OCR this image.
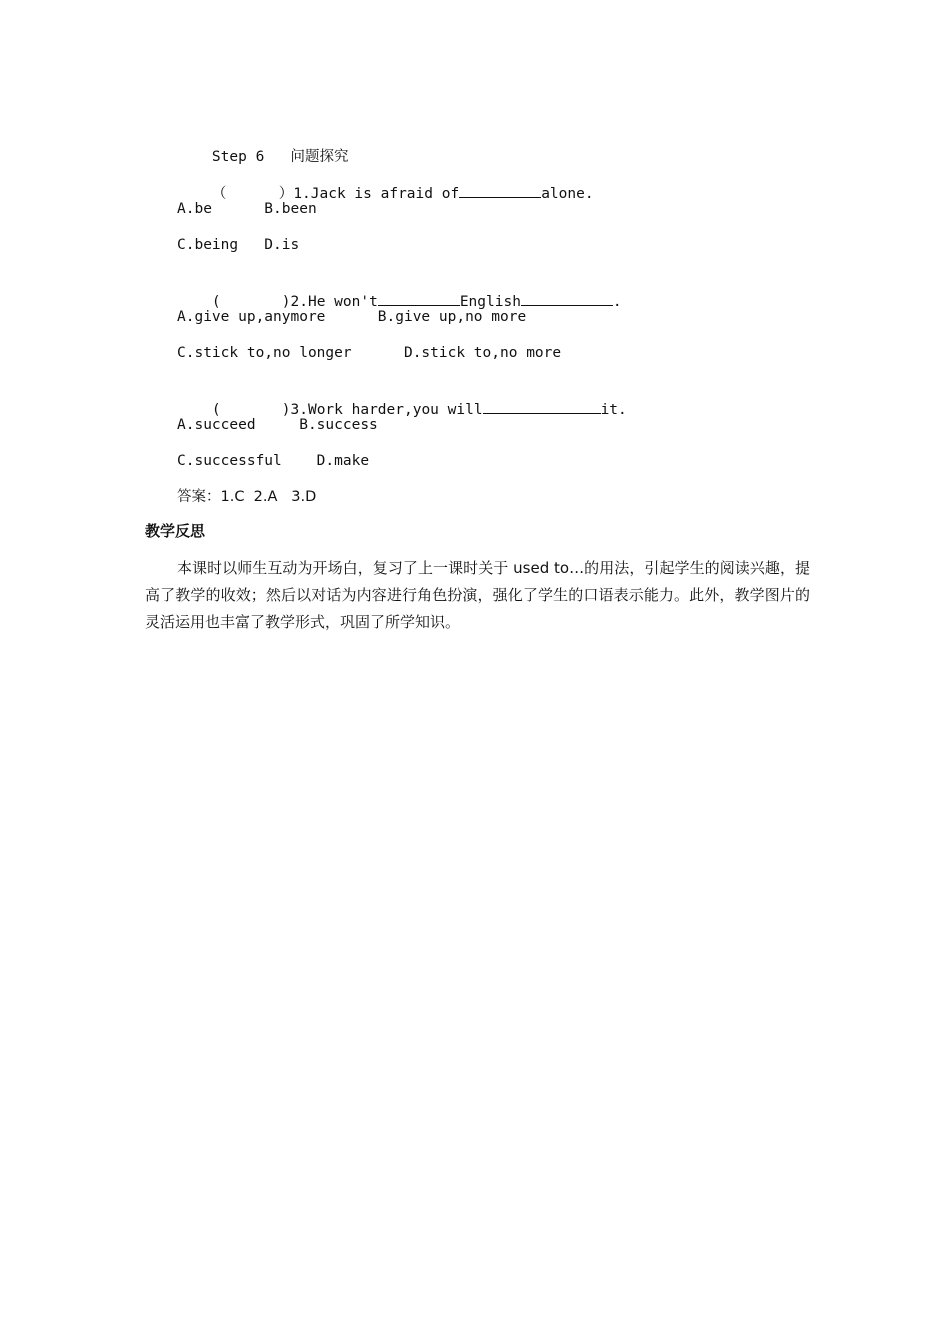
Step 6 问题探究

（      ）1.Jack is afraid of	alone.

A.be      B.been
C.being   D.is

(       )2.He won't	English	.

A.give up,anymore      B.give up,no more
C.stick to,no longer      D.stick to,no more

(       )3.Work harder,you will	it.

A.succeed     B.success
C.successful    D.make
答案：1.C  2.A   3.D
教学反思
本课时以师生互动为开场白，复习了上一课时关于 used to…的用法，引起学生的阅读兴趣，提高了教学的收效；然后以对话为内容进行角色扮演，强化了学生的口语表示能力。此外，教学图片的灵活运用也丰富了教学形式，巩固了所学知识。
